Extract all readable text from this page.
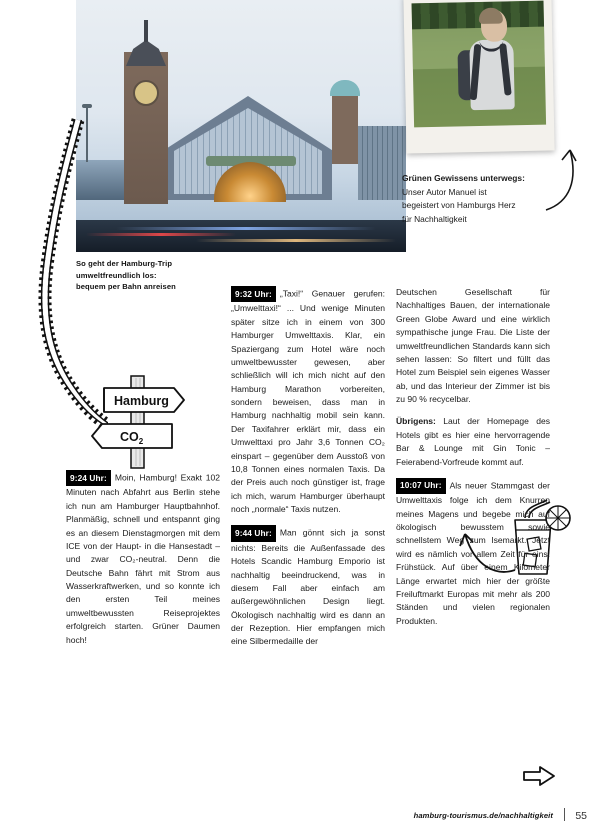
So geht der Hamburg-Trip
umweltfreundlich los:
bequem per Bahn anreisen
Grünen Gewissens unterwegs:
Unser Autor Manuel ist
begeistert von Hamburgs Herz
für Nachhaltigkeit
Hamburg
$CO_2$

9:24 Uhr: Moin, Hamburg! Exakt 102 Minuten nach Abfahrt aus Berlin stehe ich nun am Hamburger Hauptbahnhof. Planmäßig, schnell und entspannt ging es an diesem Dienstagmorgen mit dem ICE von der Haupt- in die Hansestadt – und zwar CO₂-neutral. Denn die Deutsche Bahn fährt mit Strom aus Wasserkraftwerken, und so konnte ich den ersten Teil meines umweltbewussten Reiseprojektes erfolgreich starten. Grüner Daumen hoch!

9:32 Uhr: „Taxi!“ Genauer gerufen: „Umwelttaxi!“ ... Und wenige Minuten später sitze ich in einem von 300 Hamburger Umwelttaxis. Klar, ein Spaziergang zum Hotel wäre noch umweltbewusster gewesen, aber schließlich will ich mich nicht auf den Hamburg Marathon vorbereiten, sondern beweisen, dass man in Hamburg nachhaltig mobil sein kann. Der Taxifahrer erklärt mir, dass ein Umwelttaxi pro Jahr 3,6 Tonnen CO₂ einspart – gegenüber dem Ausstoß von 10,8 Tonnen eines normalen Taxis. Da der Preis auch noch günstiger ist, frage ich mich, warum Hamburger überhaupt noch „normale“ Taxis nutzen.

9:44 Uhr: Man gönnt sich ja sonst nichts: Bereits die Außenfassade des Hotels Scandic Hamburg Emporio ist nachhaltig beeindruckend, was in diesem Fall aber einfach am außergewöhnlichen Design liegt. Ökologisch nachhaltig wird es dann an der Rezeption. Hier empfangen mich eine Silbermedaille der

Deutschen Gesellschaft für Nachhaltiges Bauen, der internationale Green Globe Award und eine wirklich sympathische junge Frau. Die Liste der umweltfreundlichen Standards kann sich sehen lassen: So filtert und füllt das Hotel zum Beispiel sein eigenes Wasser ab, und das Interieur der Zimmer ist bis zu 90 % recycelbar.

Übrigens: Laut der Homepage des Hotels gibt es hier eine hervorragende Bar & Lounge mit Gin Tonic – Feierabend-Vorfreude kommt auf.

10:07 Uhr: Als neuer Stammgast der Umwelttaxis folge ich dem Knurren meines Magens und begebe mich auf ökologisch bewusstem sowie schnellstem Weg zum Isemarkt. Jetzt wird es nämlich vor allem Zeit für eins: Frühstück. Auf über einem Kilometer Länge erwartet mich hier der größte Freiluftmarkt Europas mit mehr als 200 Ständen und vielen regionalen Produkten.

hamburg-tourismus.de/nachhaltigkeit 55
